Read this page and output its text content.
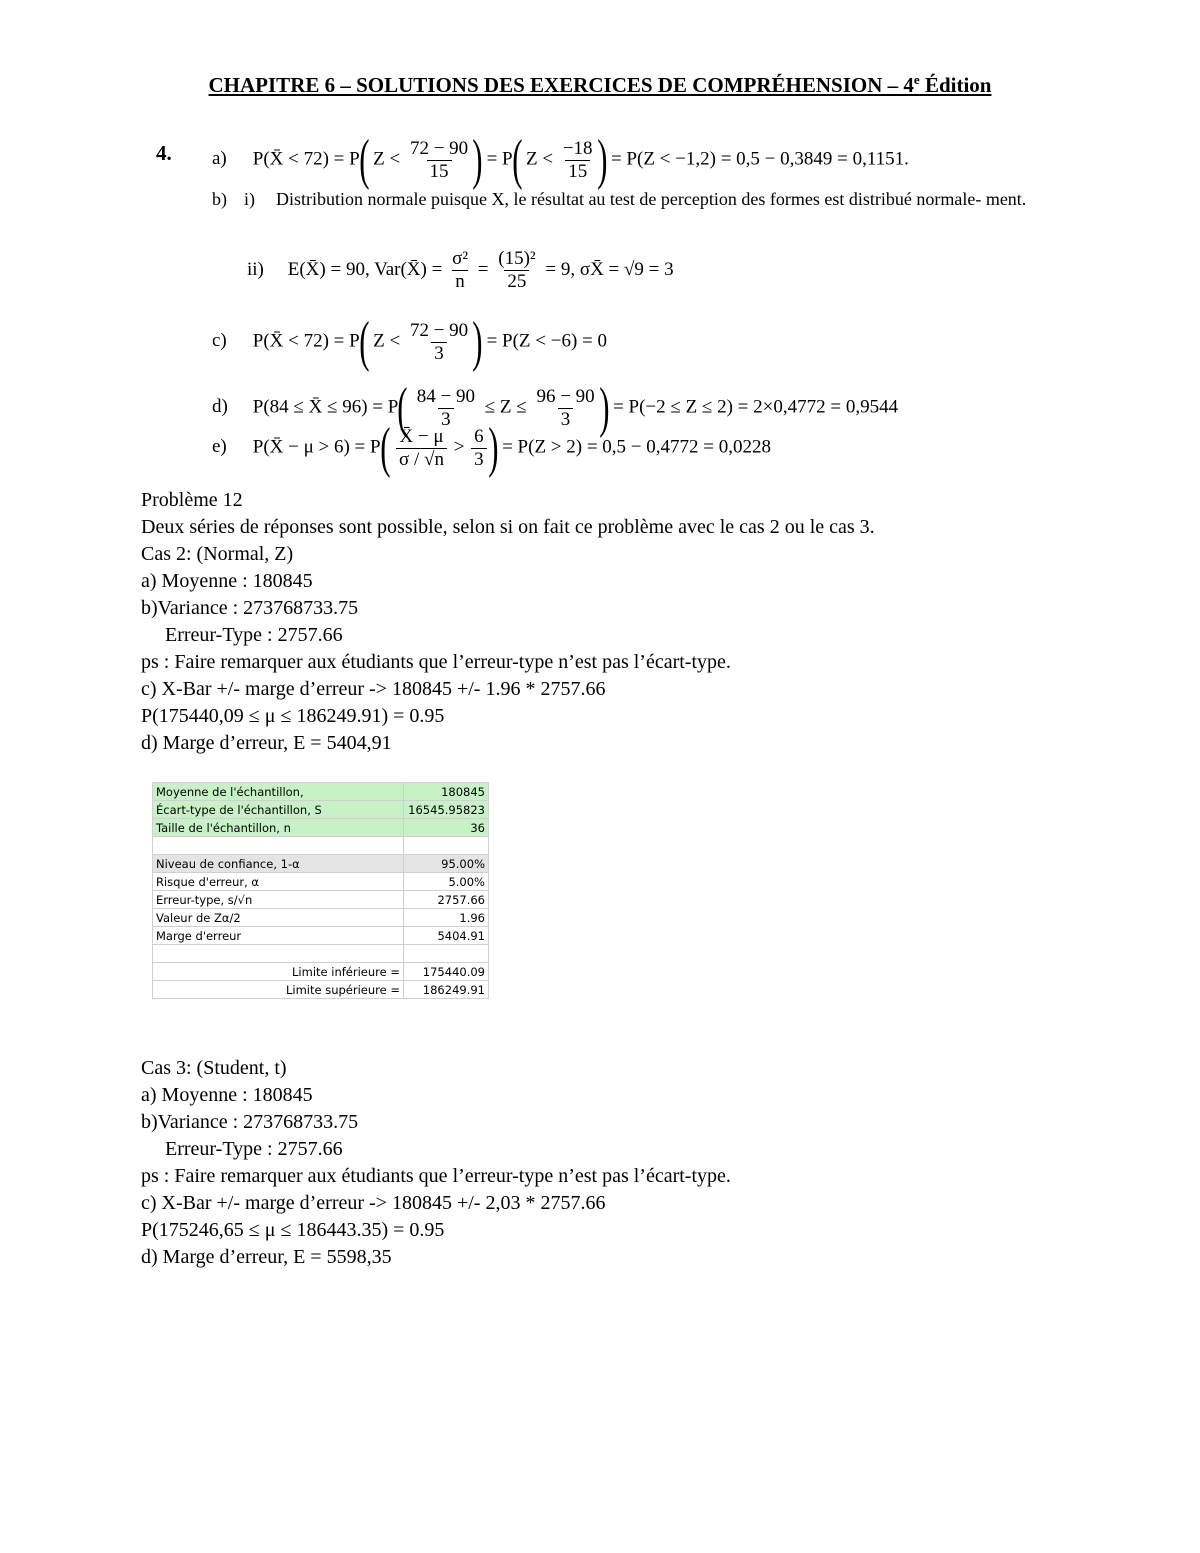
CHAPITRE 6 – SOLUTIONS DES EXERCICES DE COMPRÉHENSION – 4e Édition
4. a) P(X̄ < 72) = P( $Z < \frac{72 - 90}{15}$ ) = P( $Z < \frac{-18}{15}$ ) = P(Z < −1,2) = 0,5 − 0,3849 = 0,1151.
b) i) Distribution normale puisque X, le résultat au test de perception des formes est distribué normale- ment.
ii) E(X̄) = 90, Var(X̄) = $\frac{\text{σ²}}{n} = \frac{\text{(15)²}}{25} = 9$, σX̄ = √9 = 3
c) P(X̄ < 72) = P( $Z < \frac{72 - 90}{3}$ ) = P(Z < −6) = 0
d) P(84 ≤ X̄ ≤ $96) = P( \frac{84 - 90}{3} \le Z \le \frac{96 - 90}{3}$ ) = P(−2 ≤ Z ≤ 2) = 2×0,4772 = 0,9544
e) P(X̄ − $\mu > 6) = P( \frac{X̄ - \mu}{\sigma / √n} > \frac{6}{3}$ ) = P(Z > 2) = 0,5 − 0,4772 = 0,0228
Problème 12
Deux séries de réponses sont possible, selon si on fait ce problème avec le cas 2 ou le cas 3.
Cas 2: (Normal, Z)
a) Moyenne : 180845
b)Variance : 273768733.75
Erreur-Type : 2757.66
ps : Faire remarquer aux étudiants que l’erreur-type n’est pas l’écart-type.
c) X-Bar +/- marge d’erreur -> 180845 +/- 1.96 * 2757.66
P(175440,09 ≤ μ ≤ 186249.91) = 0.95
d) Marge d’erreur, E = 5404,91
Moyenne de l'échantillon,	180845
Écart-type de l'échantillon, S	16545.95823
Taille de l'échantillon, n	36

Niveau de confiance, 1-α	95.00%
Risque d'erreur, α	5.00%
Erreur-type, s/√n	2757.66
Valeur de Zα/2	1.96
Marge d'erreur	5404.91

Limite inférieure =	175440.09
Limite supérieure =	186249.91
Cas 3: (Student, t)
a) Moyenne : 180845
b)Variance : 273768733.75
Erreur-Type : 2757.66
ps : Faire remarquer aux étudiants que l’erreur-type n’est pas l’écart-type.
c) X-Bar +/- marge d’erreur -> 180845 +/- 2,03 * 2757.66
P(175246,65 ≤ μ ≤ 186443.35) = 0.95
d) Marge d’erreur, E = 5598,35
